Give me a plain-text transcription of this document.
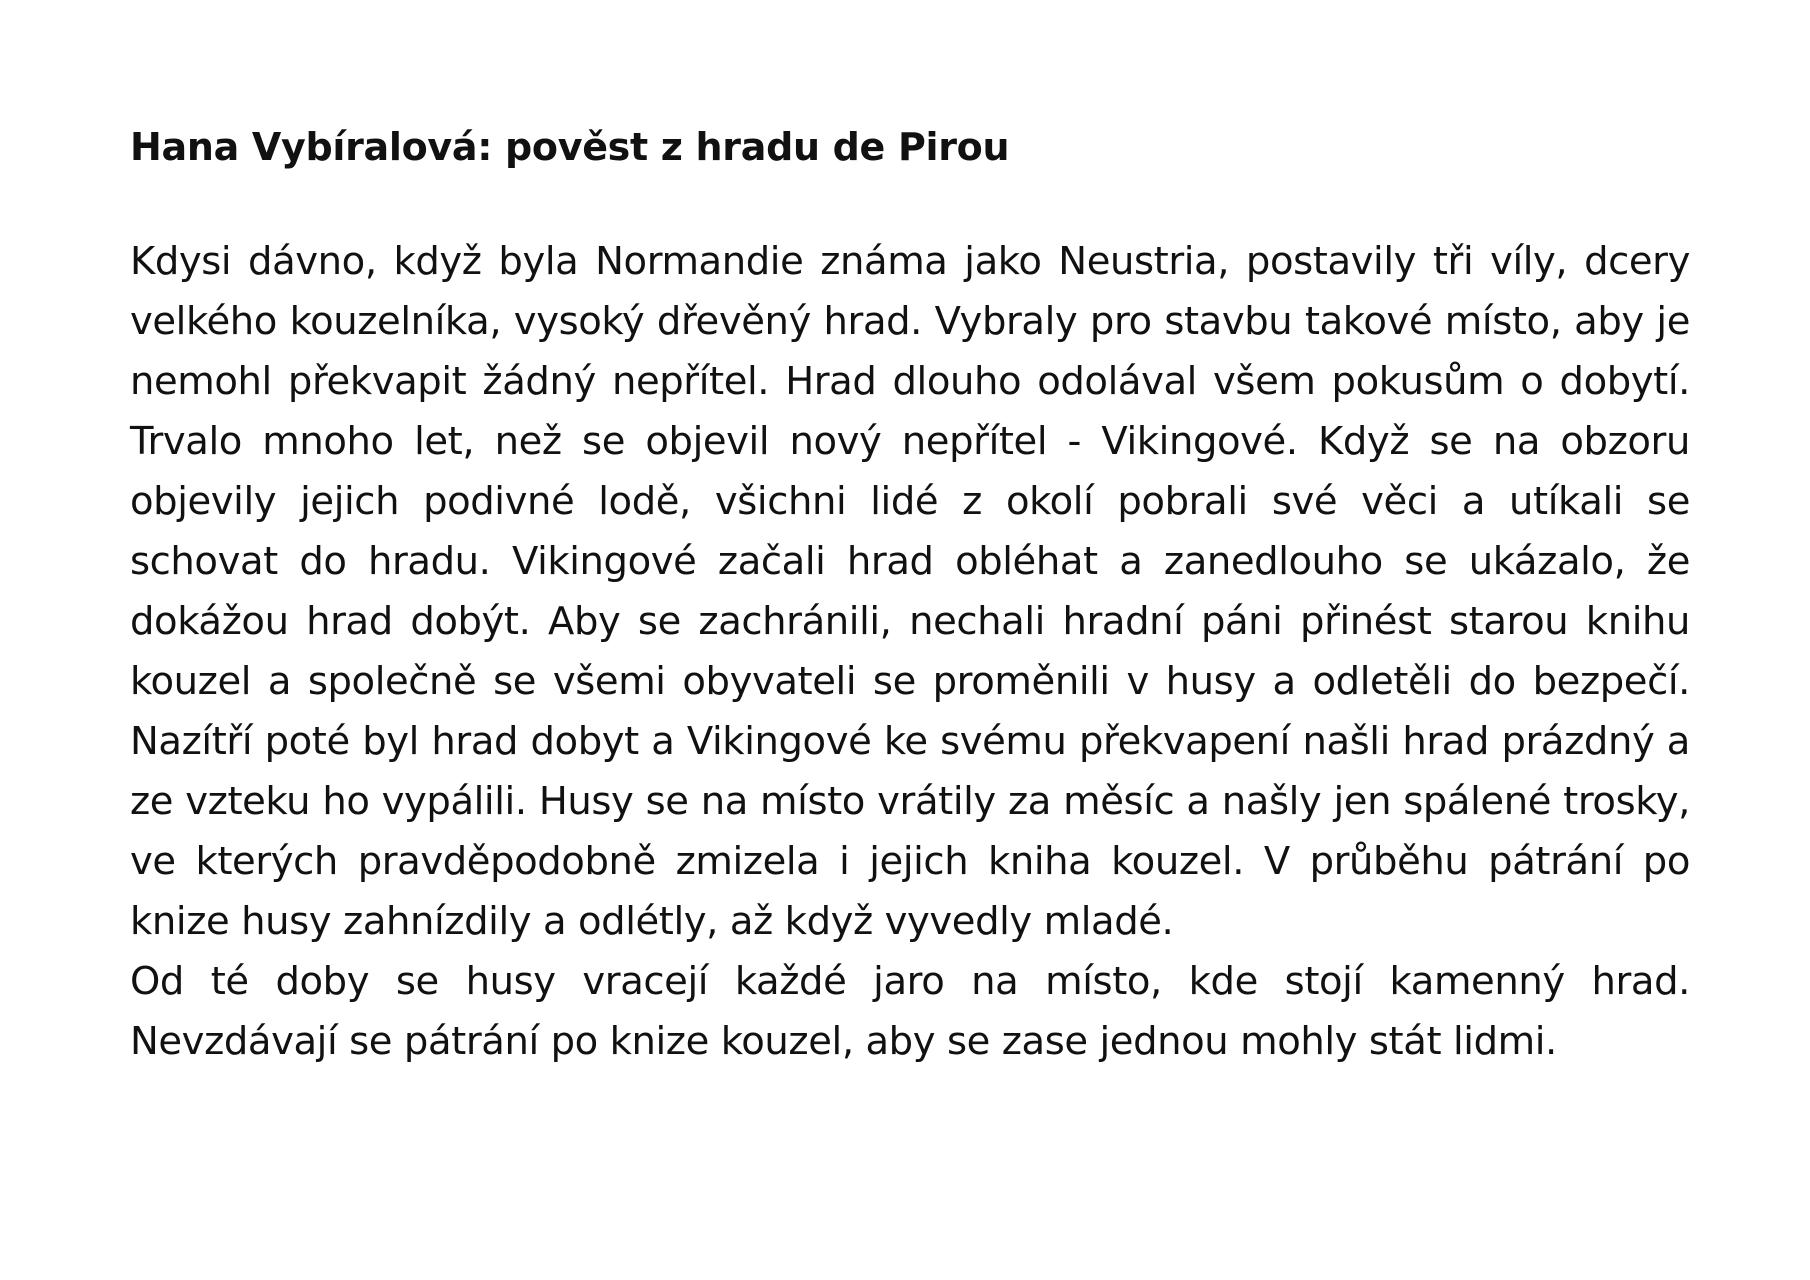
Hana Vybíralová: pověst z hradu de Pirou

Kdysi dávno, když byla Normandie známa jako Neustria, postavily tři víly, dcery velkého kouzelníka, vysoký dřevěný hrad. Vybraly pro stavbu takové místo, aby je nemohl překvapit žádný nepřítel. Hrad dlouho odolával všem pokusům o dobytí. Trvalo mnoho let, než se objevil nový nepřítel - Vikingové. Když se na obzoru objevily jejich podivné lodě, všichni lidé z okolí pobrali své věci a utíkali se schovat do hradu. Vikingové začali hrad obléhat a zanedlouho se ukázalo, že dokážou hrad dobýt. Aby se zachránili, nechali hradní páni přinést starou knihu kouzel a společně se všemi obyvateli se proměnili v husy a odletěli do bezpečí. Nazítří poté byl hrad dobyt a Vikingové ke svému překvapení našli hrad prázdný a ze vzteku ho vypálili. Husy se na místo vrátily za měsíc a našly jen spálené trosky, ve kterých pravděpodobně zmizela i jejich kniha kouzel. V průběhu pátrání po knize husy zahnízdily a odlétly, až když vyvedly mladé.

Od té doby se husy vracejí každé jaro na místo, kde stojí kamenný hrad. Nevzdávají se pátrání po knize kouzel, aby se zase jednou mohly stát lidmi.
